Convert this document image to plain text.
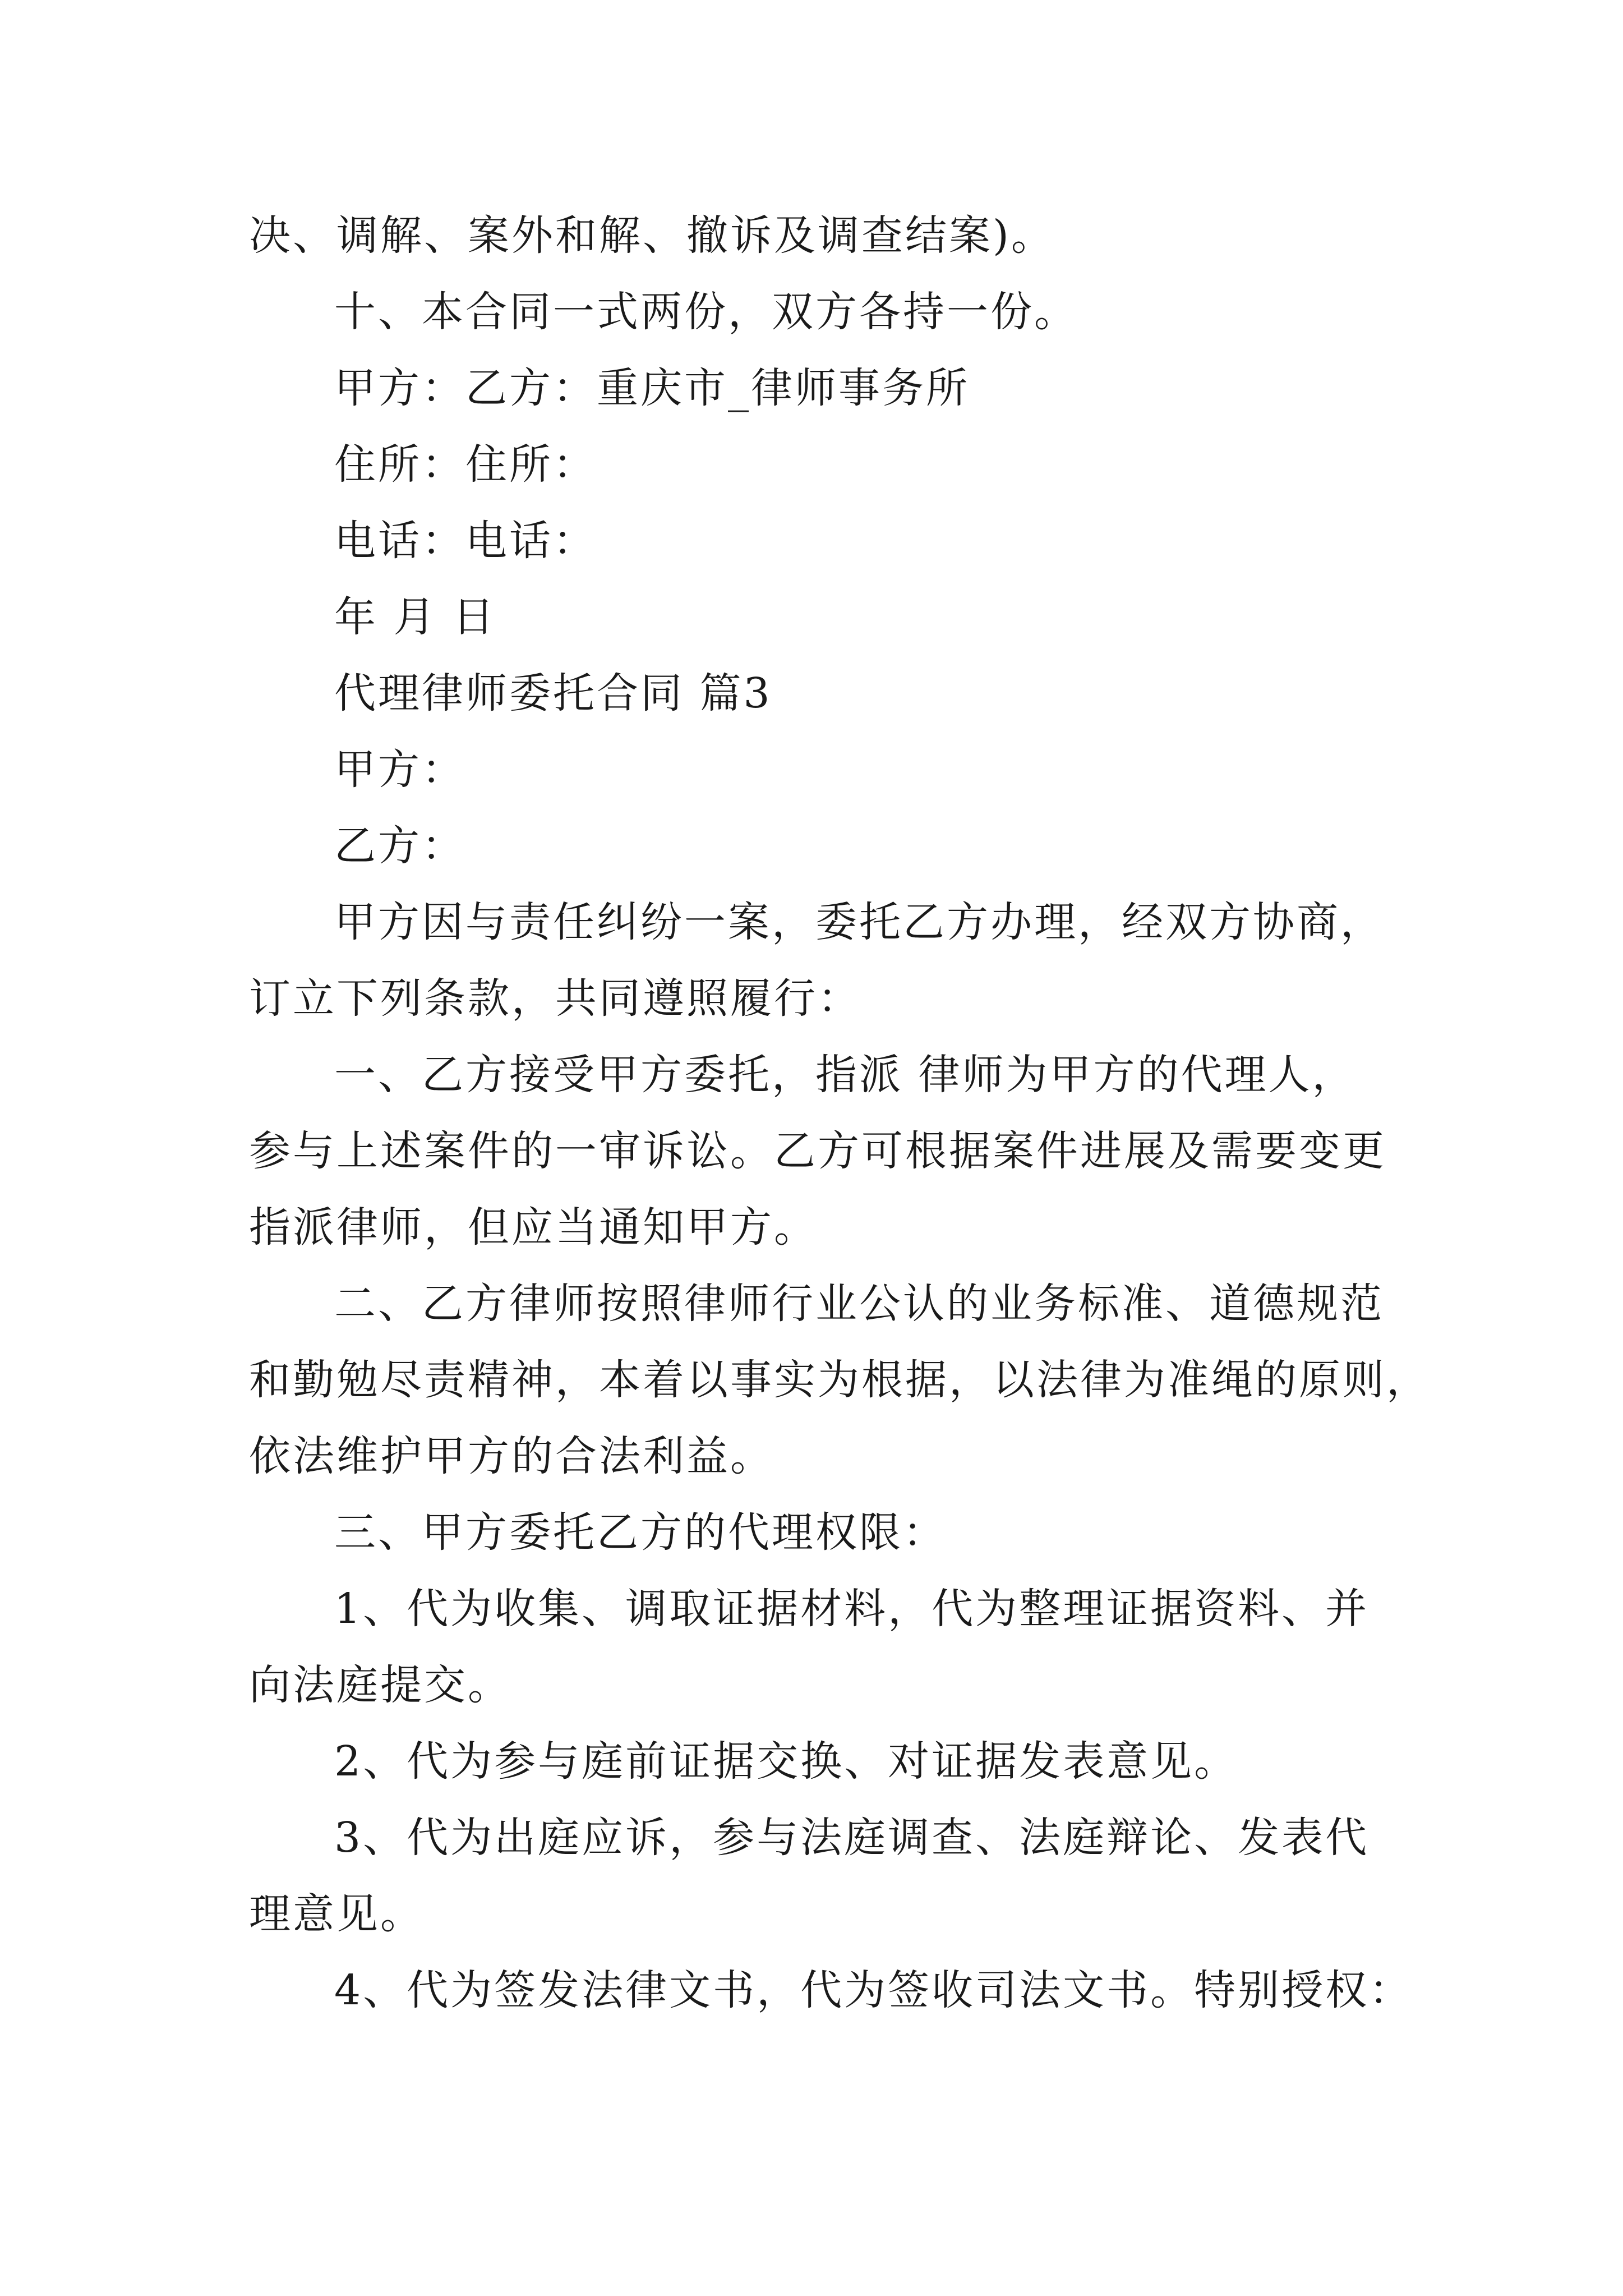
决、调解、案外和解、撤诉及调查结案)。
十、本合同一式两份，双方各持一份。
甲方：乙方：重庆市_律师事务所
住所：住所：
电话：电话：
年 月 日
代理律师委托合同 篇3
甲方：
乙方：
甲方因与责任纠纷一案，委托乙方办理，经双方协商，
订立下列条款，共同遵照履行：
一、乙方接受甲方委托，指派 律师为甲方的代理人，
参与上述案件的一审诉讼。乙方可根据案件进展及需要变更
指派律师，但应当通知甲方。
二、乙方律师按照律师行业公认的业务标准、道德规范
和勤勉尽责精神，本着以事实为根据，以法律为准绳的原则，
依法维护甲方的合法利益。
三、甲方委托乙方的代理权限：
1、代为收集、调取证据材料，代为整理证据资料、并
向法庭提交。
2、代为参与庭前证据交换、对证据发表意见。
3、代为出庭应诉，参与法庭调查、法庭辩论、发表代
理意见。
4、代为签发法律文书，代为签收司法文书。特别授权：
